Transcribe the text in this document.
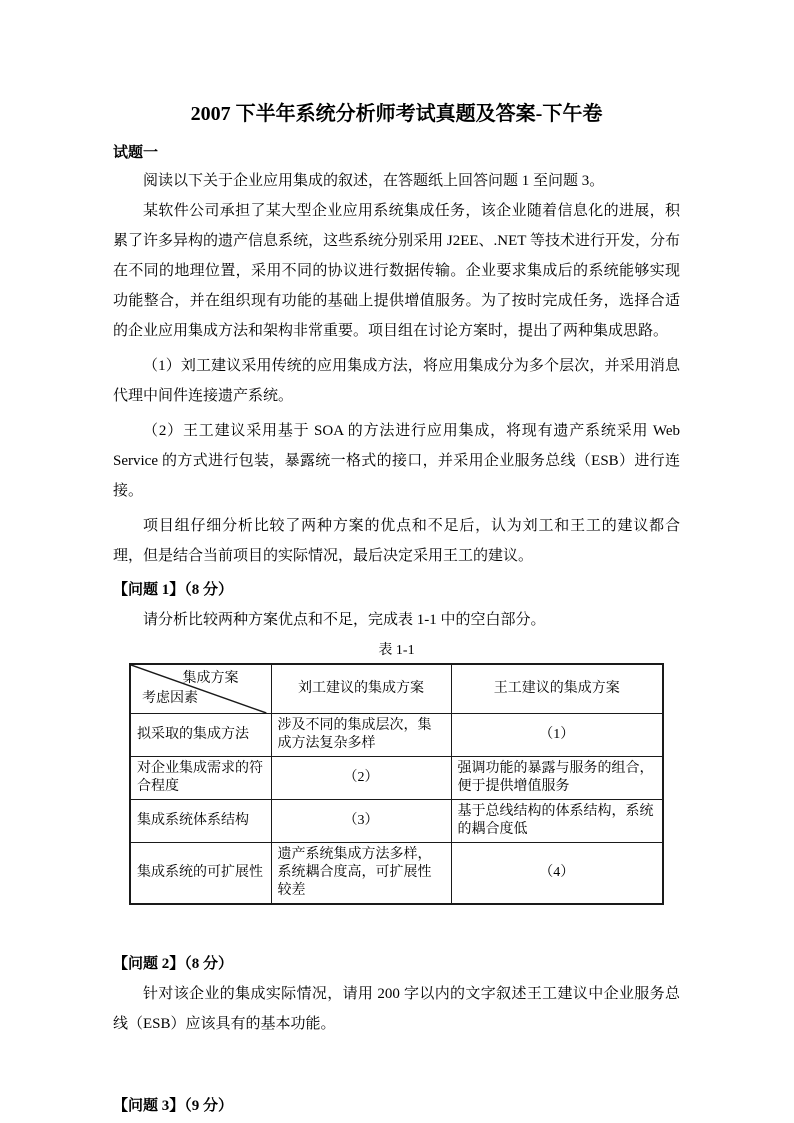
2007 下半年系统分析师考试真题及答案-下午卷
试题一

阅读以下关于企业应用集成的叙述，在答题纸上回答问题 1 至问题 3。

某软件公司承担了某大型企业应用系统集成任务，该企业随着信息化的进展，积累了许多异构的遗产信息系统，这些系统分别采用 J2EE、.NET 等技术进行开发，分布在不同的地理位置，采用不同的协议进行数据传输。企业要求集成后的系统能够实现功能整合，并在组织现有功能的基础上提供增值服务。为了按时完成任务，选择合适的企业应用集成方法和架构非常重要。项目组在讨论方案时，提出了两种集成思路。

（1）刘工建议采用传统的应用集成方法，将应用集成分为多个层次，并采用消息代理中间件连接遗产系统。

（2）王工建议采用基于 SOA 的方法进行应用集成，将现有遗产系统采用 Web Service 的方式进行包装，暴露统一格式的接口，并采用企业服务总线（ESB）进行连接。

项目组仔细分析比较了两种方案的优点和不足后，认为刘工和王工的建议都合理，但是结合当前项目的实际情况，最后决定采用王工的建议。

【问题 1】（8 分）

请分析比较两种方案优点和不足，完成表 1-1 中的空白部分。

表 1-1
集成方案
考虑因素	刘工建议的集成方案	王工建议的集成方案
拟采取的集成方法	涉及不同的集成层次，集成方法复杂多样	（1）
对企业集成需求的符合程度	（2）	强调功能的暴露与服务的组合，便于提供增值服务
集成系统体系结构	（3）	基于总线结构的体系结构，系统的耦合度低
集成系统的可扩展性	遗产系统集成方法多样，系统耦合度高，可扩展性较差	（4）
【问题 2】（8 分）

针对该企业的集成实际情况，请用 200 字以内的文字叙述王工建议中企业服务总线（ESB）应该具有的基本功能。

【问题 3】（9 分）
